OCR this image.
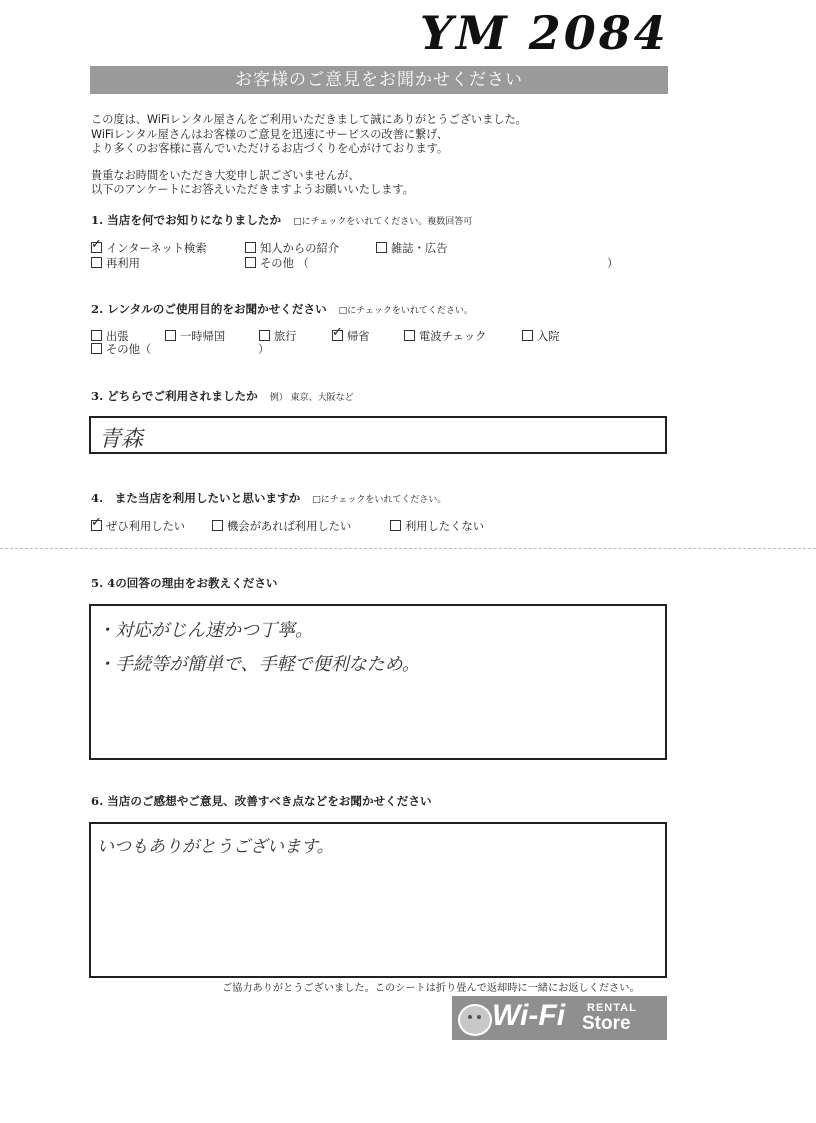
YM 2084
お客様のご意見をお聞かせください
この度は、WiFiレンタル屋さんをご利用いただきまして誠にありがとうございました。
WiFiレンタル屋さんはお客様のご意見を迅速にサービスの改善に繋げ、
より多くのお客様に喜んでいただけるお店づくりを心がけております。
貴重なお時間をいただき大変申し訳ございませんが、
以下のアンケートにお答えいただきますようお願いいたします。
1. 当店を何でお知りになりましたか □にチェックをいれてください。複数回答可
✓インターネット検索	知人からの紹介	雑誌・広告
再利用	その他 （	）
2. レンタルのご使用目的をお聞かせください □にチェックをいれてください。
出張	一時帰国	旅行
✓	帰省	電波チェック	入院
その他（	）
3. どちらでご利用されましたか 例） 東京、大阪など
青森
4.　また当店を利用したいと思いますか □にチェックをいれてください。
✓ぜひ利用したい	機会があれば利用したい	利用したくない
5. 4の回答の理由をお教えください
・対応がじん速かつ丁寧。
・手続等が簡単で、手軽で便利なため。
6. 当店のご感想やご意見、改善すべき点などをお聞かせください
いつもありがとうございます。
ご協力ありがとうございました。このシートは折り畳んで返却時に一緒にお返しください。
Wi-Fi RENTAL
Store
